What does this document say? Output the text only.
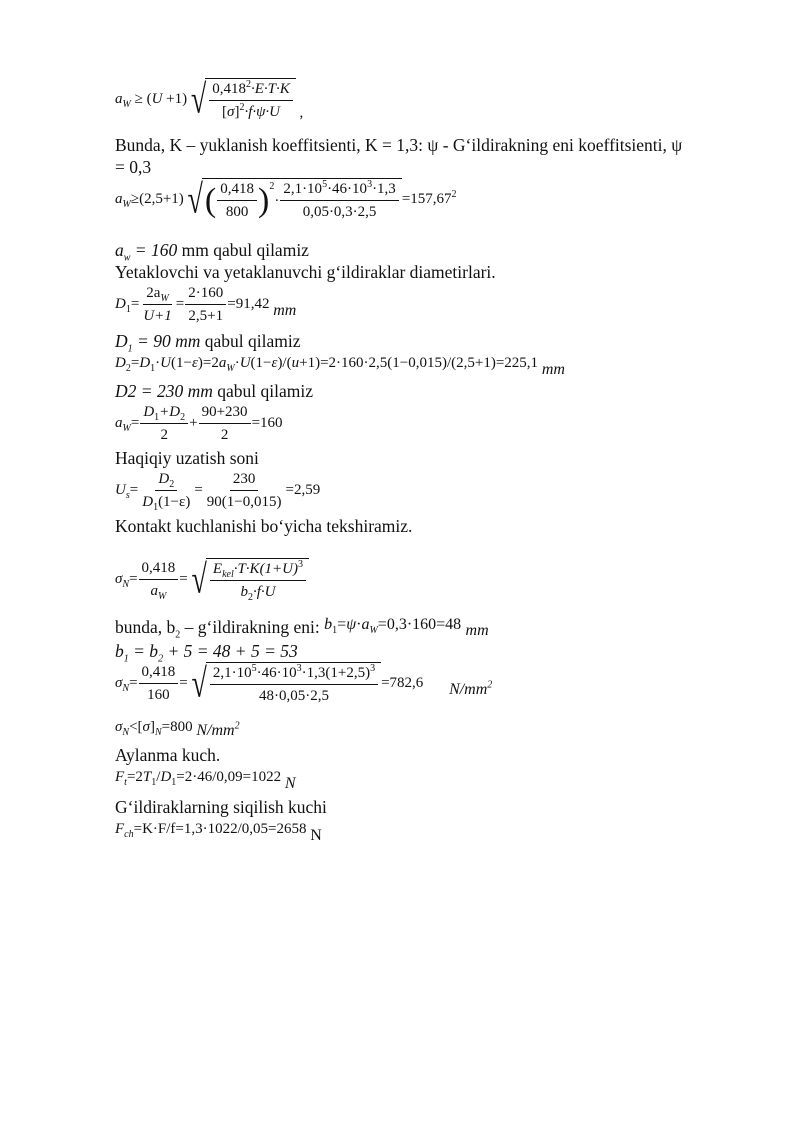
$a_W \ge (U +1)$ √ $\frac{0,418^2\cdot E\cdot T\cdot K}{[\sigma]^2\cdot f\cdot\psi\cdot U}$ ,
Bunda, K – yuklanish koeffitsienti, K = 1,3: ψ - G‘ildirakning eni koeffitsienti, ψ
= 0,3
$a_W\ge(2,5+1)$ √ ( $\frac{0,418}{800} )^2$
· $\frac{2,1\cdot 10^5\cdot 46\cdot 10^3\cdot 1,3}{0,05\cdot 0,3\cdot 2,5} =157,67^2$
$a_w = 160$ mm qabul qilamiz
Yetaklovchi va yetaklanuvchi g‘ildiraklar diametirlari.
$D_1= \frac{2a_W}{U+1} = \frac{2\cdot 160}{2,5+1} =91,42$ mm
$D_1 = 90$ mm qabul qilamiz
$D_2=D_1\cdot U(1-\varepsilon)=2a_W\cdot U(1-\varepsilon)/(u+1)=2\cdot 160\cdot 2,5(1-0,015)/(2,5+1)=225,1$ mm
D2 = 230 mm qabul qilamiz
$a_W= \frac{D_1+D_2}{2} + \frac{90+230}{2} =160$
Haqiqiy uzatish soni
$U_s= \frac{D_2}{D_1(1-\varepsilon)} = \frac{230}{90(1-0,015)} =2,59$
Kontakt kuchlanishi bo‘yicha tekshiramiz.
$\sigma_N= \frac{0,418}{a_W}$ = √ $\frac{E_{kel}\cdot T\cdot K(1+U)^3}{b_2\cdot f\cdot U}$
bunda, $b_2$ – g‘ildirakning eni: $b_1=\psi\cdot a_W=0,3\cdot 160=48$ mm
$b_1 = b_2 + 5 = 48 + 5 = 53$
$\sigma_N= \frac{0,418}{160}$ = √ $\frac{2,1\cdot 10^5\cdot 46\cdot 10^3\cdot 1,3(1+2,5)^3}{48\cdot 0,05\cdot 2,5} =782,6$ $N/mm^2$
$\sigma_N<[\sigma]_N=800$ $N/mm^2$
Aylanma kuch.
$F_t=2T_1/D_1=2\cdot 46/0,09=1022$ N
G‘ildiraklarning siqilish kuchi
$F_{ch}=K\cdot F/f=1,3\cdot 1022/0,05=2658$ N
